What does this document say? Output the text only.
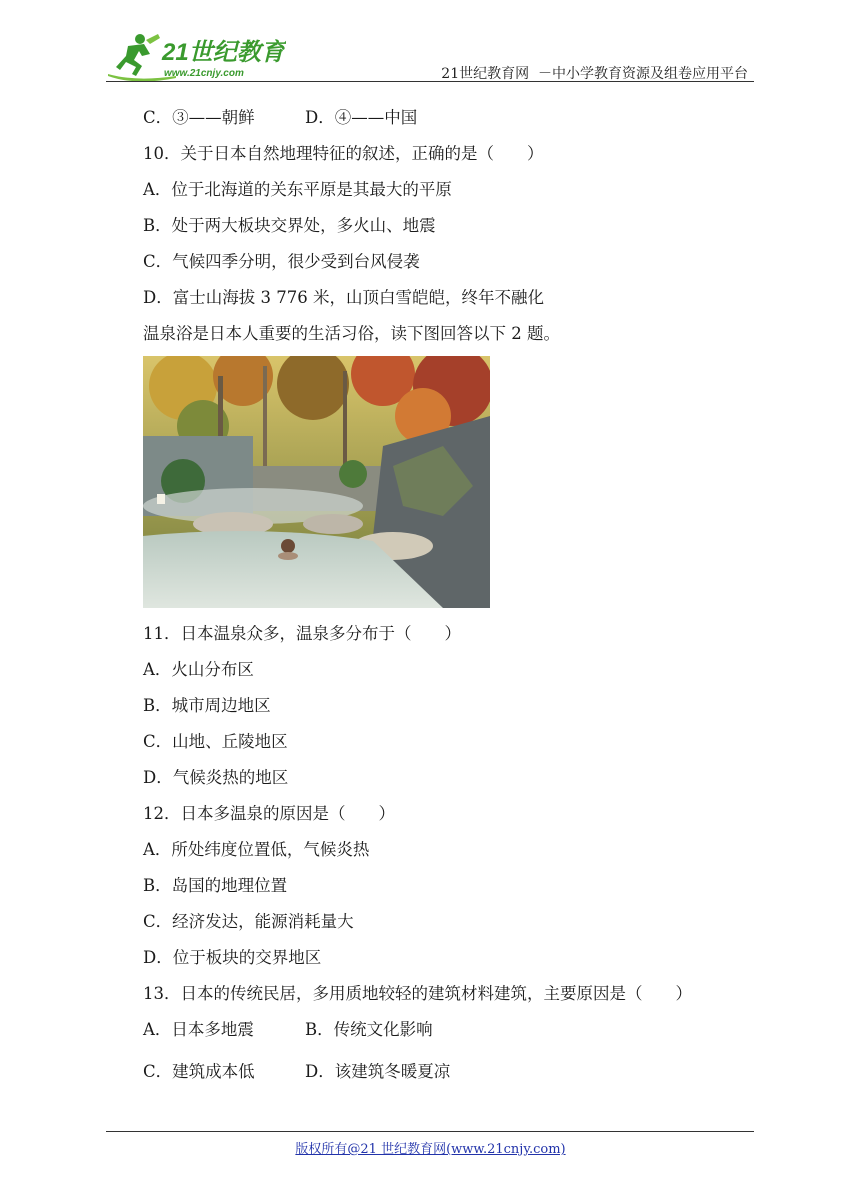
21世纪教育
www.21cnjy.com	21世纪教育网  －中小学教育资源及组卷应用平台
C．③——朝鲜	D．④——中国
10．关于日本自然地理特征的叙述，正确的是（　　）
A．位于北海道的关东平原是其最大的平原
B．处于两大板块交界处，多火山、地震
C．气候四季分明，很少受到台风侵袭
D．富士山海拔 3 776 米，山顶白雪皑皑，终年不融化
温泉浴是日本人重要的生活习俗，读下图回答以下 2 题。
11．日本温泉众多，温泉多分布于（　　）
A．火山分布区
B．城市周边地区
C．山地、丘陵地区
D．气候炎热的地区
12．日本多温泉的原因是（　　）
A．所处纬度位置低，气候炎热
B．岛国的地理位置
C．经济发达，能源消耗量大
D．位于板块的交界地区
13．日本的传统民居，多用质地较轻的建筑材料建筑，主要原因是（　　）
A．日本多地震	B．传统文化影响
C．建筑成本低	D．该建筑冬暖夏凉
版权所有@21 世纪教育网(www.21cnjy.com)
